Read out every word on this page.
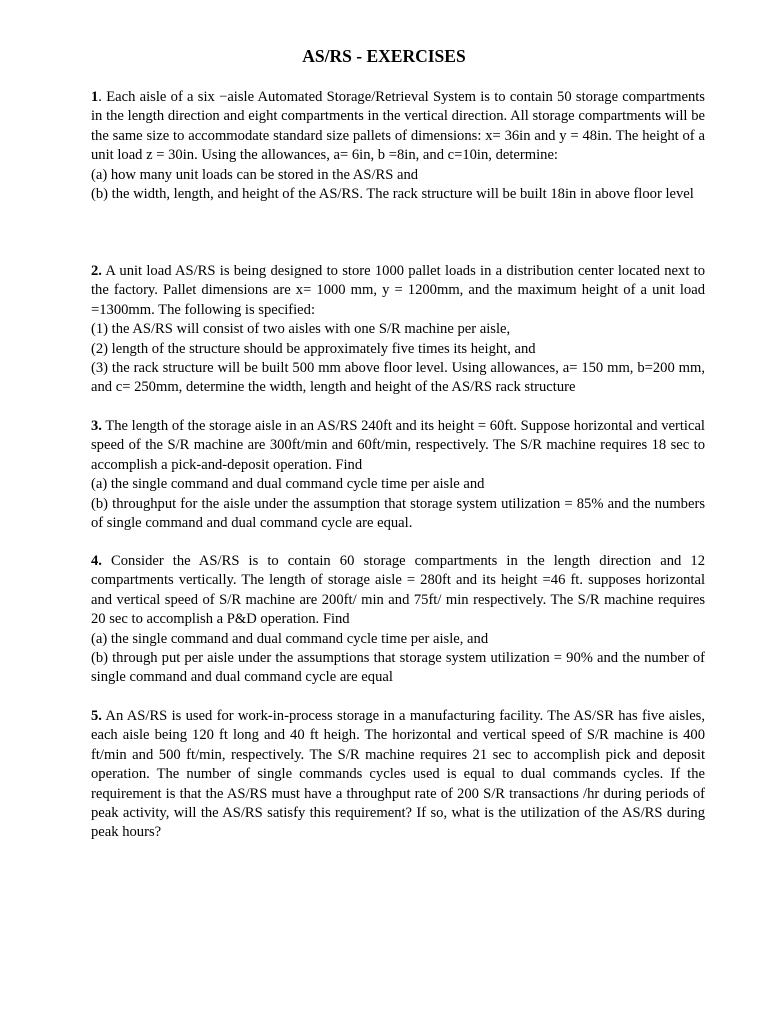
AS/RS - EXERCISES
1. Each aisle of a six −aisle Automated Storage/Retrieval System is to contain 50 storage compartments in the length direction and eight compartments in the vertical direction. All storage compartments will be the same size to accommodate standard size pallets of dimensions: x= 36in and y = 48in. The height of a unit load z = 30in. Using the allowances, a= 6in, b =8in, and c=10in, determine:
(a) how many unit loads can be stored in the AS/RS and
(b) the width, length, and height of the AS/RS. The rack structure will be built 18in in above floor level
2. A unit load AS/RS is being designed to store 1000 pallet loads in a distribution center located next to the factory. Pallet dimensions are x= 1000 mm, y = 1200mm, and the maximum height of a unit load =1300mm. The following is specified:
(1) the AS/RS will consist of two aisles with one S/R machine per aisle,
(2) length of the structure should be approximately five times its height, and
(3) the rack structure will be built 500 mm above floor level. Using allowances, a= 150 mm, b=200 mm, and c= 250mm, determine the width, length and height of the AS/RS rack structure
3. The length of the storage aisle in an AS/RS 240ft and its height = 60ft. Suppose horizontal and vertical speed of the S/R machine are 300ft/min and 60ft/min, respectively. The S/R machine requires 18 sec to accomplish a pick-and-deposit operation. Find
(a) the single command and dual command cycle time per aisle and
(b) throughput for the aisle under the assumption that storage system utilization = 85% and the numbers of single command and dual command cycle are equal.
4. Consider the AS/RS is to contain 60 storage compartments in the length direction and 12 compartments vertically. The length of storage aisle = 280ft and its height =46 ft. supposes horizontal and vertical speed of S/R machine are 200ft/ min and 75ft/ min respectively. The S/R machine requires 20 sec to accomplish a P&D operation. Find
(a) the single command and dual command cycle time per aisle, and
(b) through put per aisle under the assumptions that storage system utilization = 90% and the number of single command and dual command cycle are equal
5. An AS/RS is used for work-in-process storage in a manufacturing facility. The AS/SR has five aisles, each aisle being 120 ft long and 40 ft heigh. The horizontal and vertical speed of S/R machine is 400 ft/min and 500 ft/min, respectively. The S/R machine requires 21 sec to accomplish pick and deposit operation. The number of single commands cycles used is equal to dual commands cycles. If the requirement is that the AS/RS must have a throughput rate of 200 S/R transactions /hr during periods of peak activity, will the AS/RS satisfy this requirement? If so, what is the utilization of the AS/RS during peak hours?
